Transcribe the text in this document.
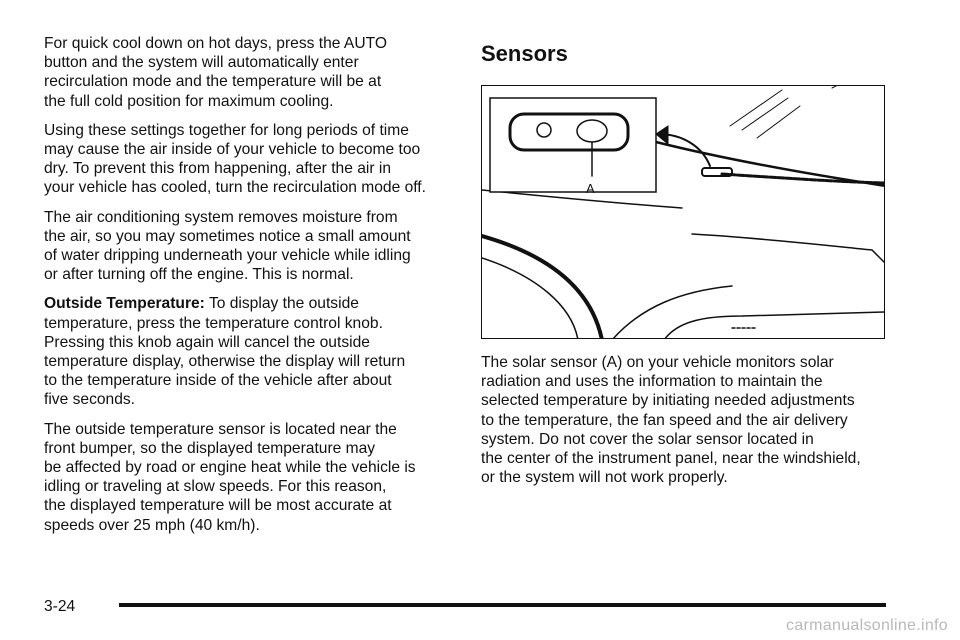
For quick cool down on hot days, press the AUTO
button and the system will automatically enter
recirculation mode and the temperature will be at
the full cold position for maximum cooling.

Using these settings together for long periods of time
may cause the air inside of your vehicle to become too
dry. To prevent this from happening, after the air in
your vehicle has cooled, turn the recirculation mode off.

The air conditioning system removes moisture from
the air, so you may sometimes notice a small amount
of water dripping underneath your vehicle while idling
or after turning off the engine. This is normal.

Outside Temperature: To display the outside
temperature, press the temperature control knob.
Pressing this knob again will cancel the outside
temperature display, otherwise the display will return
to the temperature inside of the vehicle after about
five seconds.

The outside temperature sensor is located near the
front bumper, so the displayed temperature may
be affected by road or engine heat while the vehicle is
idling or traveling at slow speeds. For this reason,
the displayed temperature will be most accurate at
speeds over 25 mph (40 km/h).

Sensors
A

The solar sensor (A) on your vehicle monitors solar
radiation and uses the information to maintain the
selected temperature by initiating needed adjustments
to the temperature, the fan speed and the air delivery
system. Do not cover the solar sensor located in
the center of the instrument panel, near the windshield,
or the system will not work properly.

3-24
carmanualsonline.info
